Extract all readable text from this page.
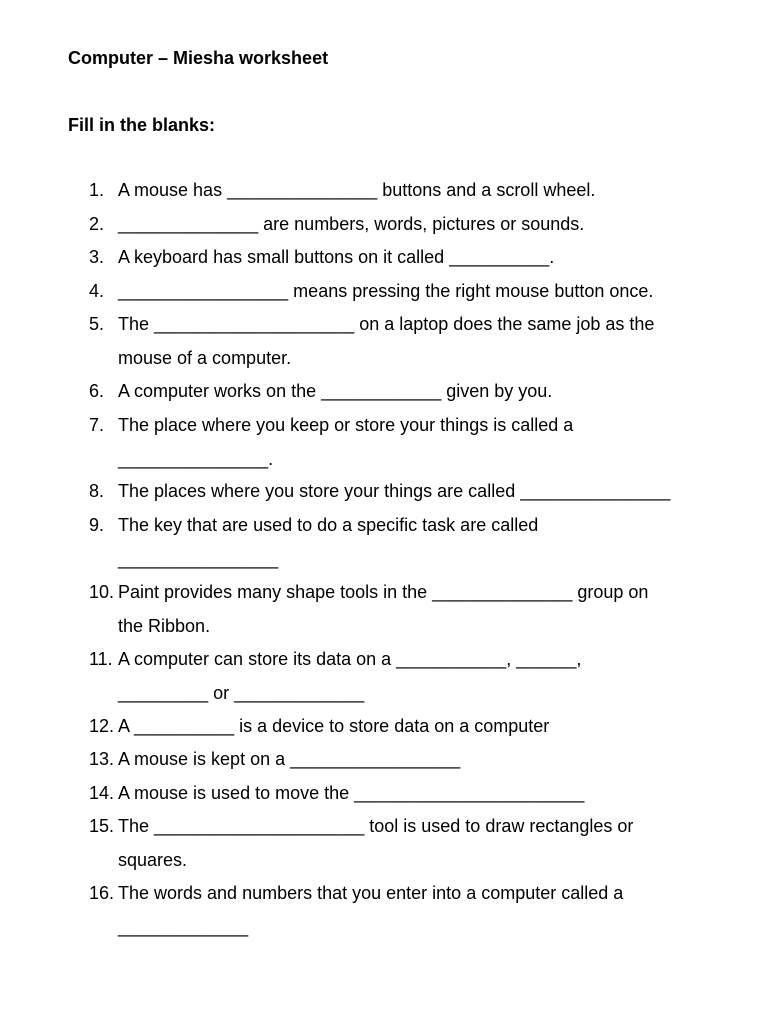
Computer – Miesha worksheet
Fill in the blanks:
1. A mouse has _______________ buttons and a scroll wheel.
2. ______________ are numbers, words, pictures or sounds.
3. A keyboard has small buttons on it called __________.
4. _________________ means pressing the right mouse button once.
5. The ____________________ on a laptop does the same job as the
mouse of a computer.
6. A computer works on the ____________ given by you.
7. The place where you keep or store your things is called a
_______________.
8. The places where you store your things are called _______________
9. The key that are used to do a specific task are called
________________
10. Paint provides many shape tools in the ______________ group on
the Ribbon.
11. A computer can store its data on a ___________, ______,
_________ or _____________
12. A __________ is a device to store data on a computer
13. A mouse is kept on a _________________
14. A mouse is used to move the _______________________
15. The _____________________ tool is used to draw rectangles or
squares.
16. The words and numbers that you enter into a computer called a
_____________
